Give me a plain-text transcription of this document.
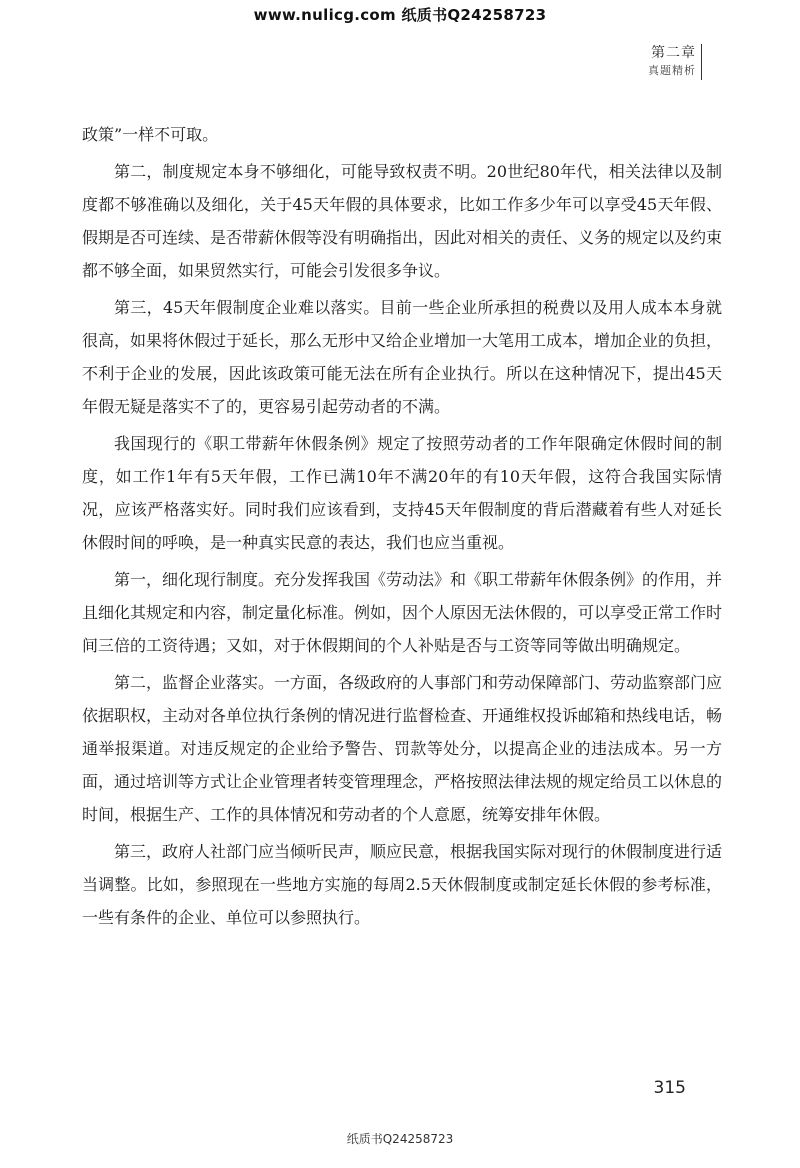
www.nulicg.com 纸质书Q24258723
第二章
真题精析

政策”一样不可取。

第二，制度规定本身不够细化，可能导致权责不明。20世纪80年代，相关法律以及制度都不够准确以及细化，关于45天年假的具体要求，比如工作多少年可以享受45天年假、假期是否可连续、是否带薪休假等没有明确指出，因此对相关的责任、义务的规定以及约束都不够全面，如果贸然实行，可能会引发很多争议。

第三，45天年假制度企业难以落实。目前一些企业所承担的税费以及用人成本本身就很高，如果将休假过于延长，那么无形中又给企业增加一大笔用工成本，增加企业的负担，不利于企业的发展，因此该政策可能无法在所有企业执行。所以在这种情况下，提出45天年假无疑是落实不了的，更容易引起劳动者的不满。

我国现行的《职工带薪年休假条例》规定了按照劳动者的工作年限确定休假时间的制度，如工作1年有5天年假，工作已满10年不满20年的有10天年假，这符合我国实际情况，应该严格落实好。同时我们应该看到，支持45天年假制度的背后潜藏着有些人对延长休假时间的呼唤，是一种真实民意的表达，我们也应当重视。

第一，细化现行制度。充分发挥我国《劳动法》和《职工带薪年休假条例》的作用，并且细化其规定和内容，制定量化标准。例如，因个人原因无法休假的，可以享受正常工作时间三倍的工资待遇；又如，对于休假期间的个人补贴是否与工资等同等做出明确规定。

第二，监督企业落实。一方面，各级政府的人事部门和劳动保障部门、劳动监察部门应依据职权，主动对各单位执行条例的情况进行监督检查、开通维权投诉邮箱和热线电话，畅通举报渠道。对违反规定的企业给予警告、罚款等处分，以提高企业的违法成本。另一方面，通过培训等方式让企业管理者转变管理理念，严格按照法律法规的规定给员工以休息的时间，根据生产、工作的具体情况和劳动者的个人意愿，统筹安排年休假。

第三，政府人社部门应当倾听民声，顺应民意，根据我国实际对现行的休假制度进行适当调整。比如，参照现在一些地方实施的每周2.5天休假制度或制定延长休假的参考标准，一些有条件的企业、单位可以参照执行。

315
纸质书Q24258723
